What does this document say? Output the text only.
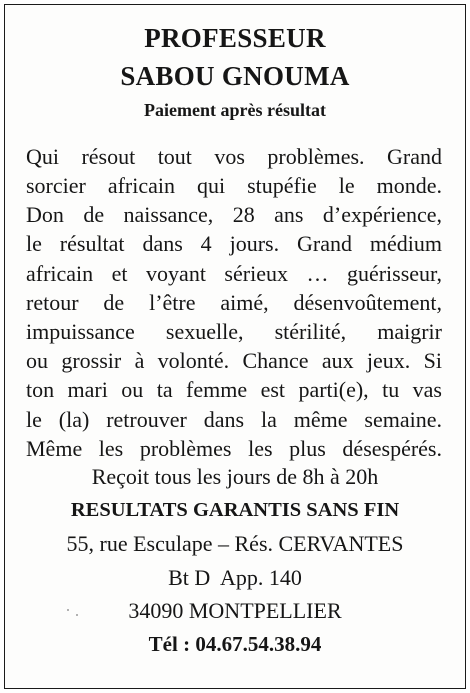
PROFESSEUR
SABOU GNOUMA
Paiement après résultat
Qui résout tout vos problèmes. Grand
sorcier africain qui stupéfie le monde.
Don de naissance, 28 ans d’expérience,
le résultat dans 4 jours. Grand médium
africain et voyant sérieux … guérisseur,
retour de l’être aimé, désenvoûtement,
impuissance sexuelle, stérilité, maigrir
ou grossir à volonté. Chance aux jeux. Si
ton mari ou ta femme est parti(e), tu vas
le (la) retrouver dans la même semaine.
Même les problèmes les plus désespérés.
Reçoit tous les jours de 8h à 20h
RESULTATS GARANTIS SANS FIN
55, rue Esculape – Rés. CERVANTES
Bt D  App. 140
34090 MONTPELLIER
Tél : 04.67.54.38.94
